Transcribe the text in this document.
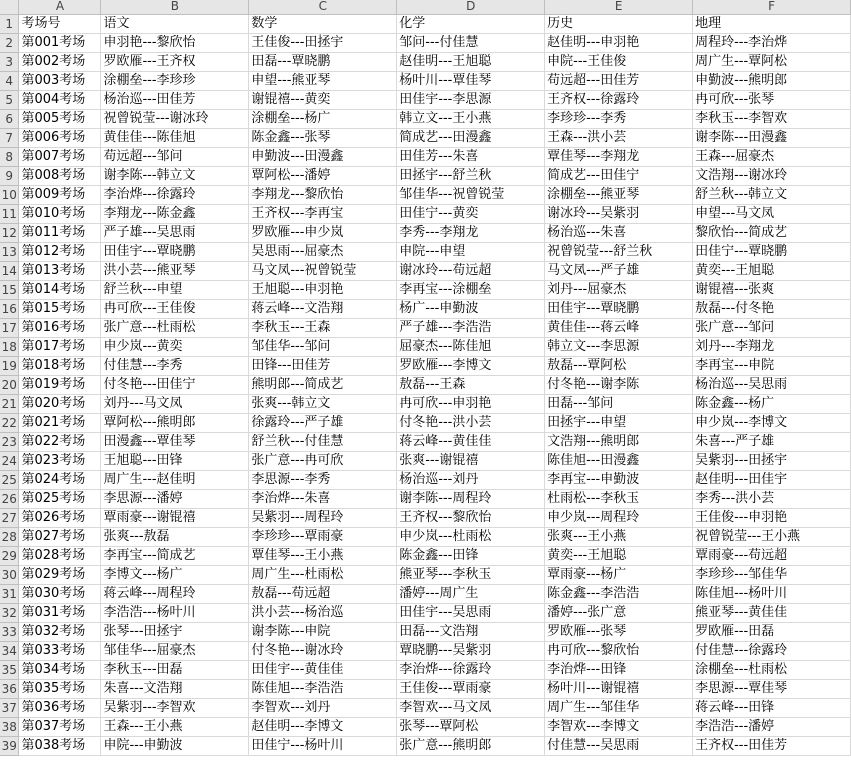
	A	B	C	D	E	F
1	考场号	语文	数学	化学	历史	地理
2	第001考场	申羽艳---黎欣怡	王佳俊---田拯宇	邹问---付佳慧	赵佳明---申羽艳	周程玲---李治烨
3	第002考场	罗欧雁---王齐权	田磊---覃晓鹏	赵佳明---王旭聪	申院---王佳俊	周广生---覃阿松
4	第003考场	涂棚垒---李珍珍	申望---熊亚琴	杨叶川---覃佳琴	苟远超---田佳芳	申勤波---熊明郎
5	第004考场	杨治巡---田佳芳	谢锟禧---黄奕	田佳宇---李思源	王齐权---徐露玲	冉可欣---张琴
6	第005考场	祝曾锐莹---谢冰玲	涂棚垒---杨广	韩立文---王小燕	李珍珍---李秀	李秋玉---李智欢
7	第006考场	黄佳佳---陈佳旭	陈金鑫---张琴	简成艺---田漫鑫	王森---洪小芸	谢李陈---田漫鑫
8	第007考场	苟远超---邹问	申勤波---田漫鑫	田佳芳---朱喜	覃佳琴---李翔龙	王森---屈豪杰
9	第008考场	谢李陈---韩立文	覃阿松---潘婷	田拯宇---舒兰秋	简成艺---田佳宁	文浩翔---谢冰玲
10	第009考场	李治烨---徐露玲	李翔龙---黎欣怡	邹佳华---祝曾锐莹	涂棚垒---熊亚琴	舒兰秋---韩立文
11	第010考场	李翔龙---陈金鑫	王齐权---李再宝	田佳宁---黄奕	谢冰玲---吴紫羽	申望---马文凤
12	第011考场	严子雄---吴思雨	罗欧雁---申少岚	李秀---李翔龙	杨治巡---朱喜	黎欣怡---简成艺
13	第012考场	田佳宇---覃晓鹏	吴思雨---屈豪杰	申院---申望	祝曾锐莹---舒兰秋	田佳宁---覃晓鹏
14	第013考场	洪小芸---熊亚琴	马文凤---祝曾锐莹	谢冰玲---苟远超	马文凤---严子雄	黄奕---王旭聪
15	第014考场	舒兰秋---申望	王旭聪---申羽艳	李再宝---涂棚垒	刘丹---屈豪杰	谢锟禧---张爽
16	第015考场	冉可欣---王佳俊	蒋云峰---文浩翔	杨广---申勤波	田佳宇---覃晓鹏	敖磊---付冬艳
17	第016考场	张广意---杜雨松	李秋玉---王森	严子雄---李浩浩	黄佳佳---蒋云峰	张广意---邹问
18	第017考场	申少岚---黄奕	邹佳华---邹问	屈豪杰---陈佳旭	韩立文---李思源	刘丹---李翔龙
19	第018考场	付佳慧---李秀	田锋---田佳芳	罗欧雁---李博文	敖磊---覃阿松	李再宝---申院
20	第019考场	付冬艳---田佳宁	熊明郎---简成艺	敖磊---王森	付冬艳---谢李陈	杨治巡---吴思雨
21	第020考场	刘丹---马文凤	张爽---韩立文	冉可欣---申羽艳	田磊---邹问	陈金鑫---杨广
22	第021考场	覃阿松---熊明郎	徐露玲---严子雄	付冬艳---洪小芸	田拯宇---申望	申少岚---李博文
23	第022考场	田漫鑫---覃佳琴	舒兰秋---付佳慧	蒋云峰---黄佳佳	文浩翔---熊明郎	朱喜---严子雄
24	第023考场	王旭聪---田锋	张广意---冉可欣	张爽---谢锟禧	陈佳旭---田漫鑫	吴紫羽---田拯宇
25	第024考场	周广生---赵佳明	李思源---李秀	杨治巡---刘丹	李再宝---申勤波	赵佳明---田佳宇
26	第025考场	李思源---潘婷	李治烨---朱喜	谢李陈---周程玲	杜雨松---李秋玉	李秀---洪小芸
27	第026考场	覃雨豪---谢锟禧	吴紫羽---周程玲	王齐权---黎欣怡	申少岚---周程玲	王佳俊---申羽艳
28	第027考场	张爽---敖磊	李珍珍---覃雨豪	申少岚---杜雨松	张爽---王小燕	祝曾锐莹---王小燕
29	第028考场	李再宝---简成艺	覃佳琴---王小燕	陈金鑫---田锋	黄奕---王旭聪	覃雨豪---苟远超
30	第029考场	李博文---杨广	周广生---杜雨松	熊亚琴---李秋玉	覃雨豪---杨广	李珍珍---邹佳华
31	第030考场	蒋云峰---周程玲	敖磊---苟远超	潘婷---周广生	陈金鑫---李浩浩	陈佳旭---杨叶川
32	第031考场	李浩浩---杨叶川	洪小芸---杨治巡	田佳宇---吴思雨	潘婷---张广意	熊亚琴---黄佳佳
33	第032考场	张琴---田拯宇	谢李陈---申院	田磊---文浩翔	罗欧雁---张琴	罗欧雁---田磊
34	第033考场	邹佳华---屈豪杰	付冬艳---谢冰玲	覃晓鹏---吴紫羽	冉可欣---黎欣怡	付佳慧---徐露玲
35	第034考场	李秋玉---田磊	田佳宇---黄佳佳	李治烨---徐露玲	李治烨---田锋	涂棚垒---杜雨松
36	第035考场	朱喜---文浩翔	陈佳旭---李浩浩	王佳俊---覃雨豪	杨叶川---谢锟禧	李思源---覃佳琴
37	第036考场	吴紫羽---李智欢	李智欢---刘丹	李智欢---马文凤	周广生---邹佳华	蒋云峰---田锋
38	第037考场	王森---王小燕	赵佳明---李博文	张琴---覃阿松	李智欢---李博文	李浩浩---潘婷
39	第038考场	申院---申勤波	田佳宁---杨叶川	张广意---熊明郎	付佳慧---吴思雨	王齐权---田佳芳
